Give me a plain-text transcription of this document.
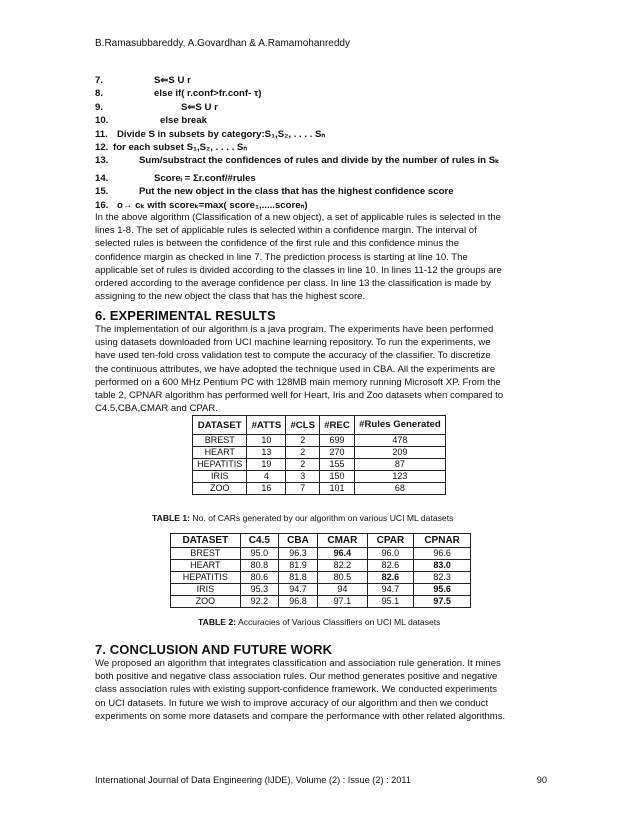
B.Ramasubbareddy, A.Govardhan & A.Ramamohanreddy
7.	S⇐S U r
8.	else if( r.conf>fr.conf- τ)
9.	S⇐S U r
10.	else break
11. Divide S in subsets by category:S₁,S₂, . . . . Sₙ
12. for each subset S₁,S₂, . . . . Sₙ
13.	Sum/substract the confidences of rules and divide by the number of rules in Sₖ
14.	Scoreᵢ = Σr.conf/#rules
15.	Put the new object in the class that has the highest confidence score
16. o→ cₖ with scoreₖ=max( score₁,.....scoreₙ)
In the above algorithm (Classification of a new object), a set of applicable rules is selected in the
lines 1-8. The set of applicable rules is selected within a confidence margin. The interval of
selected rules is between the confidence of the first rule and this confidence minus the
confidence margin as checked in line 7. The prediction process is starting at line 10. The
applicable set of rules is divided according to the classes in line 10. In lines 11-12 the groups are
ordered according to the average confidence per class. In line 13 the classification is made by
assigning to the new object the class that has the highest score.
6. EXPERIMENTAL RESULTS
The implementation of our algorithm is a java program. The experiments have been performed
using datasets downloaded from UCI machine learning repository. To run the experiments, we
have used ten-fold cross validation test to compute the accuracy of the classifier. To discretize
the continuous attributes, we have adopted the technique used in CBA. All the experiments are
performed on a 600 MHz Pentium PC with 128MB main memory running Microsoft XP. From the
table 2, CPNAR algorithm has performed well for Heart, Iris and Zoo datasets when compared to
C4.5,CBA,CMAR and CPAR.
DATASET	#ATTS	#CLS	#REC	#Rules Generated
BREST	10	2	699	478
HEART	13	2	270	209
HEPATITIS	19	2	155	87
IRIS	4	3	150	123
ZOO	16	7	101	68
TABLE 1: No. of CARs generated by our algorithm on various UCI ML datasets
DATASET	C4.5	CBA	CMAR	CPAR	CPNAR
BREST	95.0	96.3	96.4	96.0	96.6
HEART	80.8	81.9	82.2	82.6	83.0
HEPATITIS	80.6	81.8	80.5	82.6	82.3
IRIS	95.3	94.7	94	94.7	95.6
ZOO	92.2	96.8	97.1	95.1	97.5
TABLE 2: Accuracies of Various Classifiers on UCI ML datasets
7. CONCLUSION AND FUTURE WORK
We proposed an algorithm that integrates classification and association rule generation. It mines
both positive and negative class association rules. Our method generates positive and negative
class association rules with existing support-confidence framework. We conducted experiments
on UCI datasets. In future we wish to improve accuracy of our algorithm and then we conduct
experiments on some more datasets and compare the performance with other related algorithms.
International Journal of Data Engineering (IJDE), Volume (2) : Issue (2) : 2011	90
